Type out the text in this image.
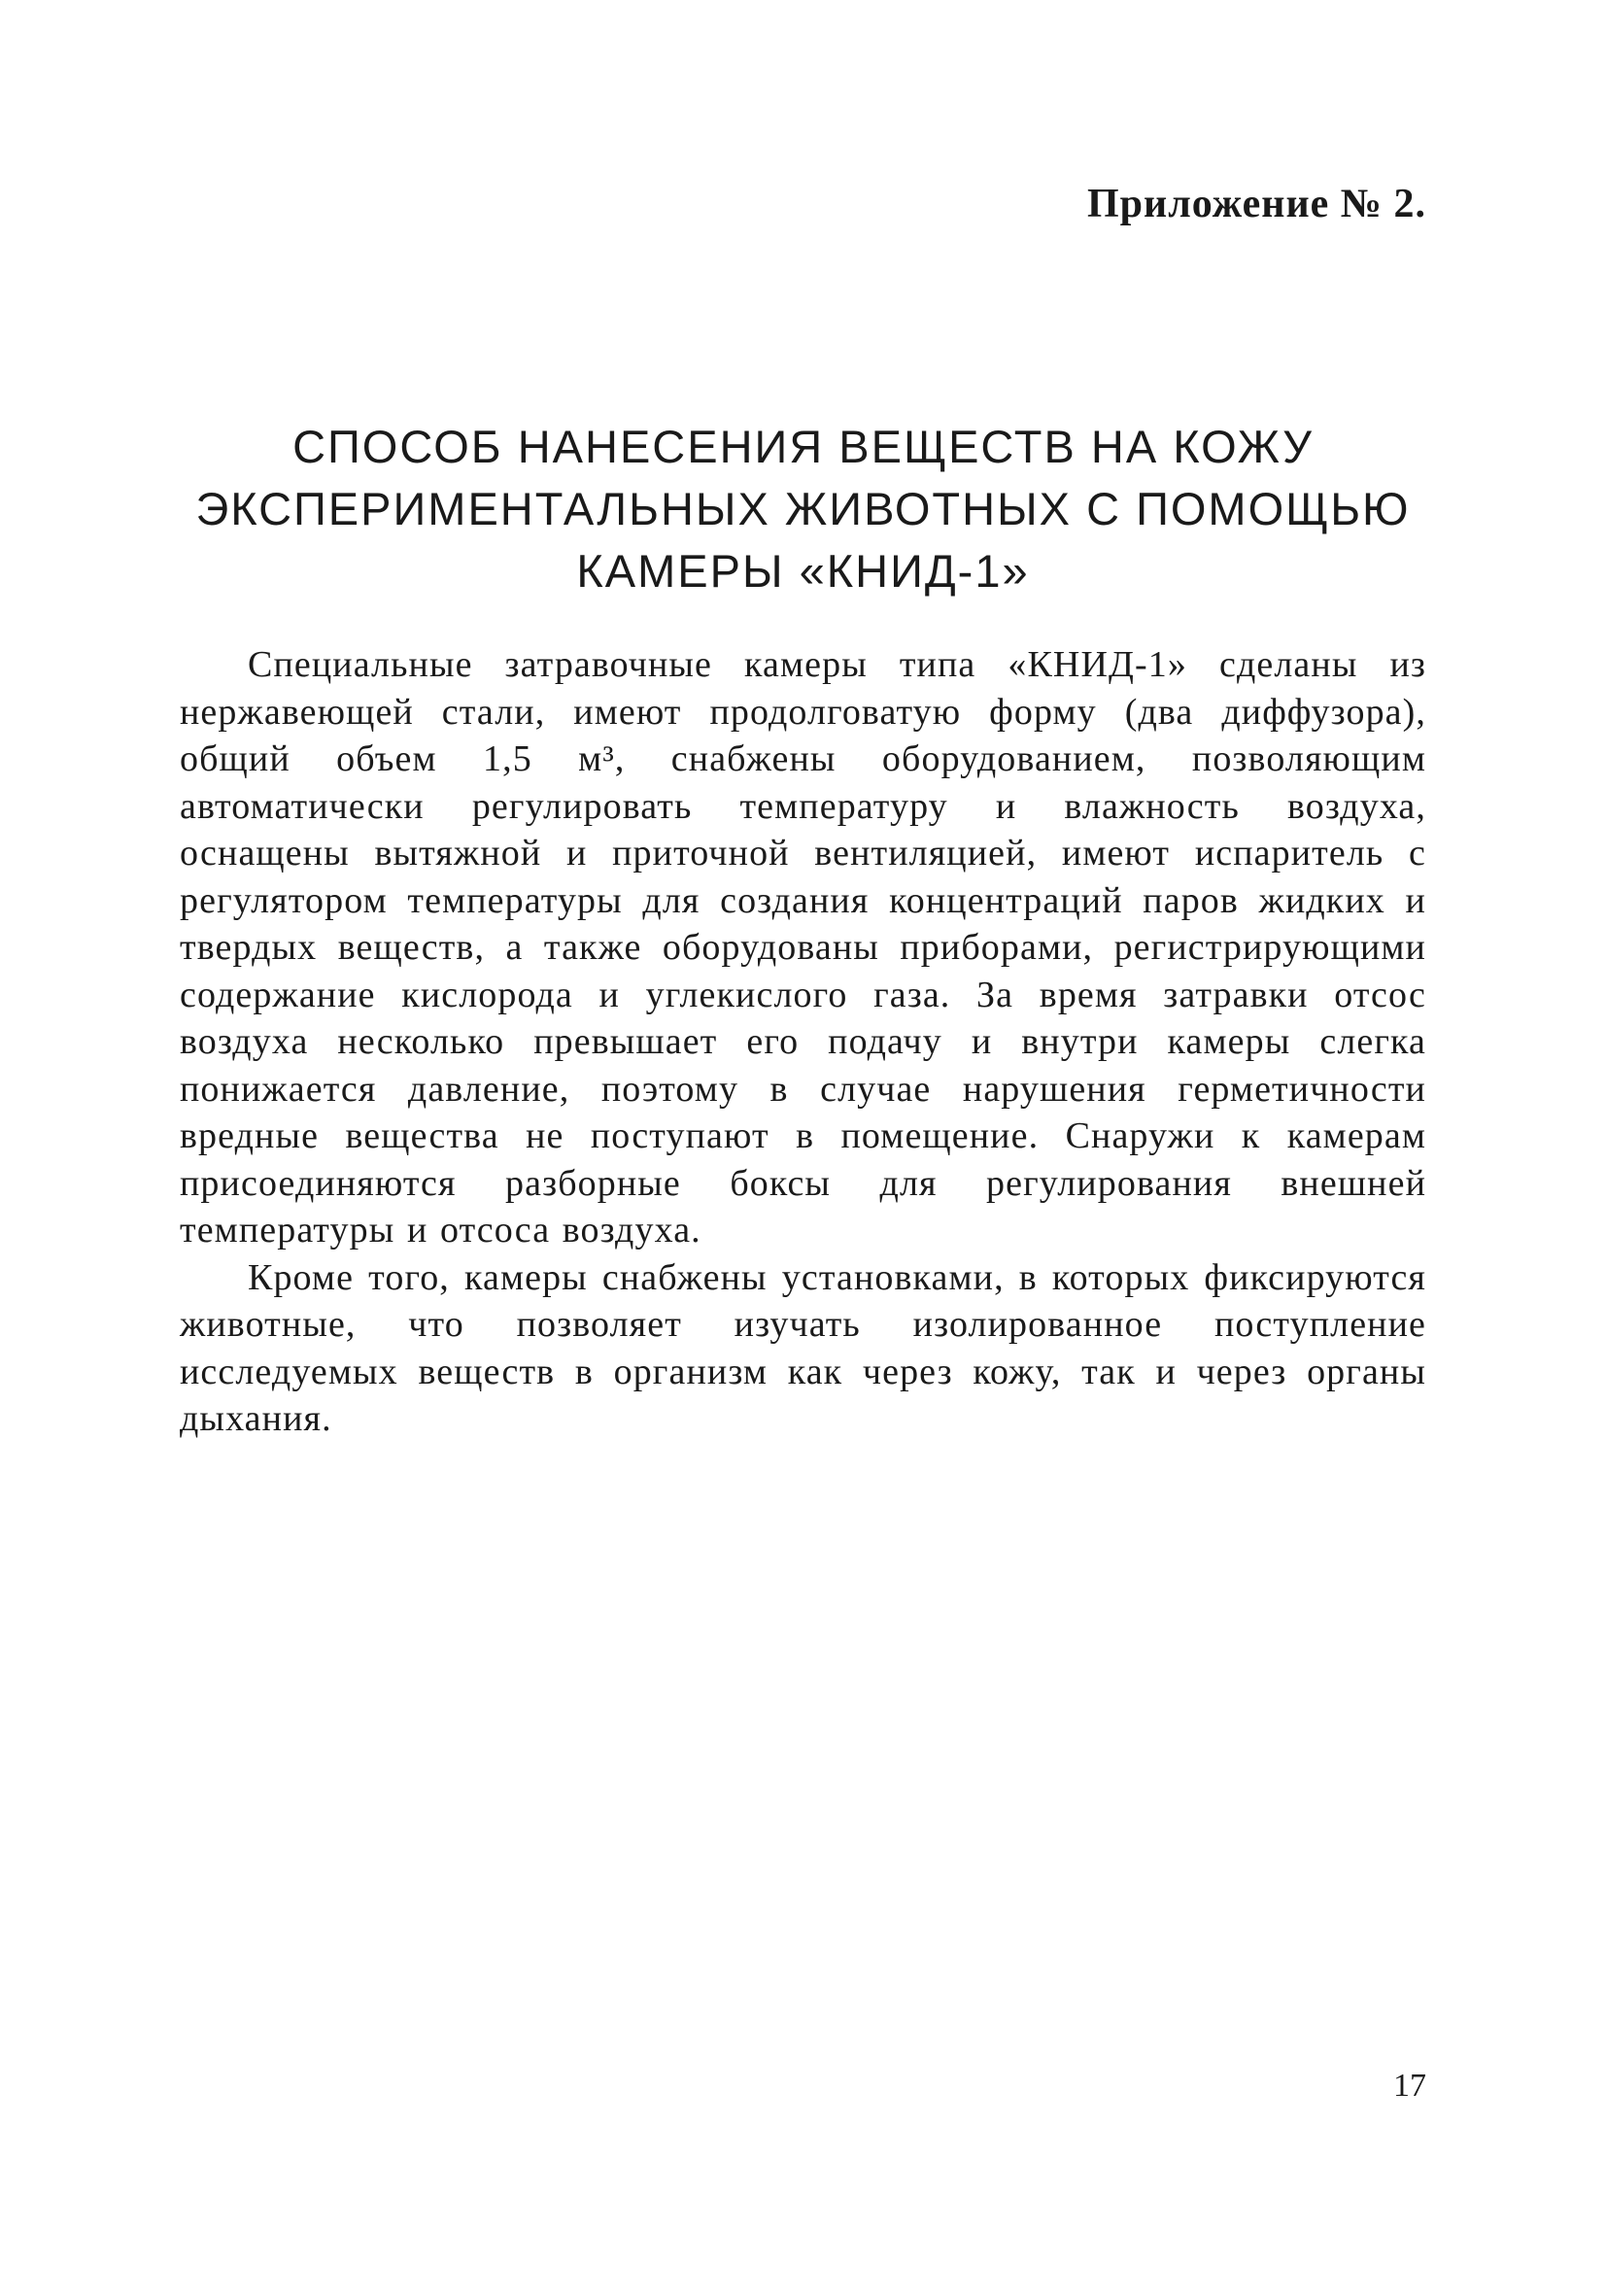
Приложение № 2.

СПОСОБ НАНЕСЕНИЯ ВЕЩЕСТВ НА КОЖУ
ЭКСПЕРИМЕНТАЛЬНЫХ ЖИВОТНЫХ С ПОМОЩЬЮ
КАМЕРЫ «КНИД-1»

Специальные затравочные камеры типа «КНИД-1» сделаны из нержавеющей стали, имеют продолговатую форму (два диффузора), общий объем 1,5 м³, снабжены оборудованием, позволяющим автоматически регулировать температуру и влажность воздуха, оснащены вытяжной и приточной вентиляцией, имеют испаритель с регулятором температуры для создания концентраций паров жидких и твердых веществ, а также оборудованы приборами, регистрирующими содержание кислорода и углекислого газа. За время затравки отсос воздуха несколько превышает его подачу и внутри камеры слегка понижается давление, поэтому в случае нарушения герметичности вредные вещества не поступают в помещение. Снаружи к камерам присоединяются разборные боксы для регулирования внешней температуры и отсоса воздуха.

Кроме того, камеры снабжены установками, в которых фиксируются животные, что позволяет изучать изолированное поступление исследуемых веществ в организм как через кожу, так и через органы дыхания.

17
